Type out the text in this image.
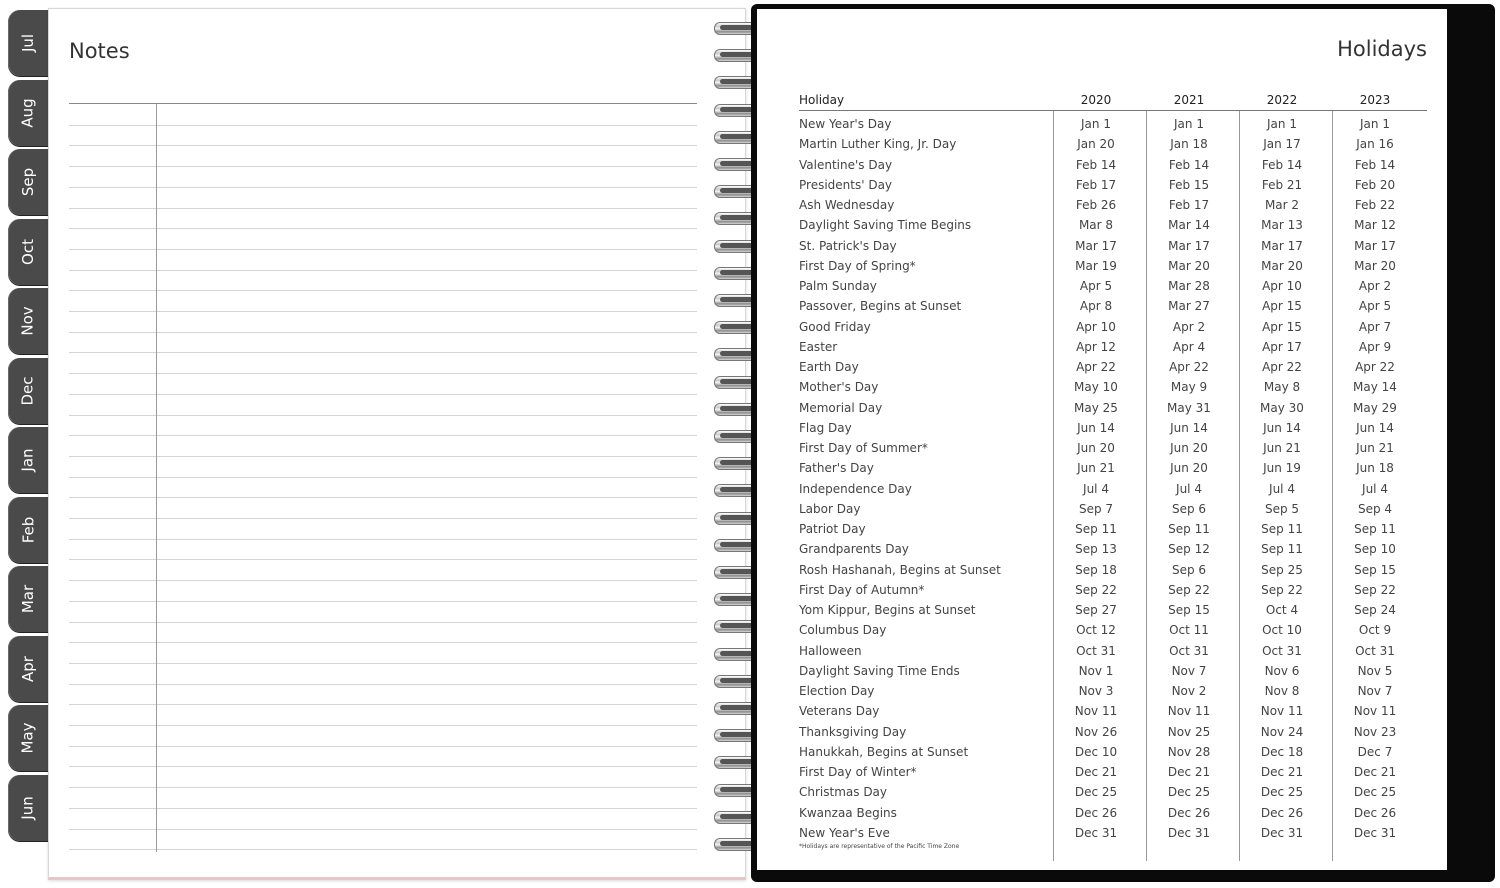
Jul
Aug
Sep
Oct
Nov
Dec
Jan
Feb
Mar
Apr
May
Jun
Notes	Holidays
Holiday	2020	2021	2022	2023
New Year's Day	Jan 1	Jan 1	Jan 1	Jan 1
Martin Luther King, Jr. Day	Jan 20	Jan 18	Jan 17	Jan 16
Valentine's Day	Feb 14	Feb 14	Feb 14	Feb 14
Presidents' Day	Feb 17	Feb 15	Feb 21	Feb 20
Ash Wednesday	Feb 26	Feb 17	Mar 2	Feb 22
Daylight Saving Time Begins	Mar 8	Mar 14	Mar 13	Mar 12
St. Patrick's Day	Mar 17	Mar 17	Mar 17	Mar 17
First Day of Spring*	Mar 19	Mar 20	Mar 20	Mar 20
Palm Sunday	Apr 5	Mar 28	Apr 10	Apr 2
Passover, Begins at Sunset	Apr 8	Mar 27	Apr 15	Apr 5
Good Friday	Apr 10	Apr 2	Apr 15	Apr 7
Easter	Apr 12	Apr 4	Apr 17	Apr 9
Earth Day	Apr 22	Apr 22	Apr 22	Apr 22
Mother's Day	May 10	May 9	May 8	May 14
Memorial Day	May 25	May 31	May 30	May 29
Flag Day	Jun 14	Jun 14	Jun 14	Jun 14
First Day of Summer*	Jun 20	Jun 20	Jun 21	Jun 21
Father's Day	Jun 21	Jun 20	Jun 19	Jun 18
Independence Day	Jul 4	Jul 4	Jul 4	Jul 4
Labor Day	Sep 7	Sep 6	Sep 5	Sep 4
Patriot Day	Sep 11	Sep 11	Sep 11	Sep 11
Grandparents Day	Sep 13	Sep 12	Sep 11	Sep 10
Rosh Hashanah, Begins at Sunset	Sep 18	Sep 6	Sep 25	Sep 15
First Day of Autumn*	Sep 22	Sep 22	Sep 22	Sep 22
Yom Kippur, Begins at Sunset	Sep 27	Sep 15	Oct 4	Sep 24
Columbus Day	Oct 12	Oct 11	Oct 10	Oct 9
Halloween	Oct 31	Oct 31	Oct 31	Oct 31
Daylight Saving Time Ends	Nov 1	Nov 7	Nov 6	Nov 5
Election Day	Nov 3	Nov 2	Nov 8	Nov 7
Veterans Day	Nov 11	Nov 11	Nov 11	Nov 11
Thanksgiving Day	Nov 26	Nov 25	Nov 24	Nov 23
Hanukkah, Begins at Sunset	Dec 10	Nov 28	Dec 18	Dec 7
First Day of Winter*	Dec 21	Dec 21	Dec 21	Dec 21
Christmas Day	Dec 25	Dec 25	Dec 25	Dec 25
Kwanzaa Begins	Dec 26	Dec 26	Dec 26	Dec 26
New Year's Eve	Dec 31	Dec 31	Dec 31	Dec 31
*Holidays are representative of the Pacific Time Zone
